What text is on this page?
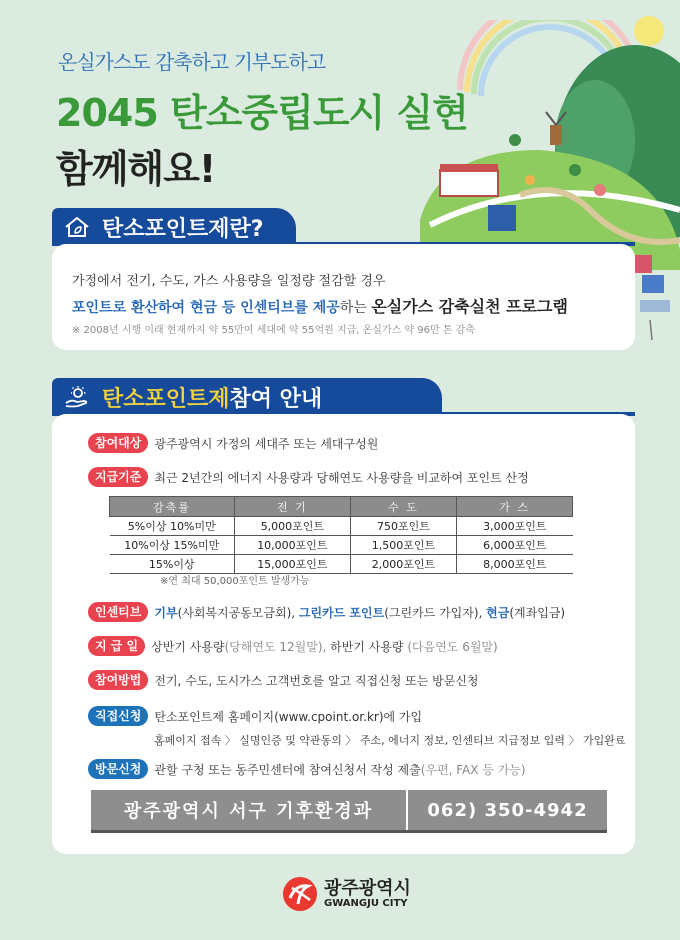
온실가스도 감축하고 기부도하고
2045 탄소중립도시 실현
함께해요!
탄소포인트제란?
가정에서 전기, 수도, 가스 사용량을 일정량 절감할 경우
포인트로 환산하여 현금 등 인센티브를 제공하는 온실가스 감축실천 프로그램
※ 2008년 시행 이래 현재까지 약 55만여 세대에 약 55억원 지급, 온실가스 약 96만 톤 감축
탄소포인트제 참여 안내
참여대상	광주광역시 가정의 세대주 또는 세대구성원
지급기준	최근 2년간의 에너지 사용량과 당해연도 사용량을 비교하여 포인트 산정
감축률	전 기	수 도	가 스
5%이상 10%미만	5,000포인트	750포인트	3,000포인트
10%이상 15%미만	10,000포인트	1,500포인트	6,000포인트
15%이상	15,000포인트	2,000포인트	8,000포인트
※연 최대 50,000포인트 발생가능
인센티브	기부(사회복지공동모금회), 그린카드 포인트(그린카드 가입자), 현금(계좌입금)
지 급 일	상반기 사용량(당해연도 12월말), 하반기 사용량 (다음연도 6월말)
참여방법	전기, 수도, 도시가스 고객번호를 알고 직접신청 또는 방문신청
직접신청	탄소포인트제 홈페이지(www.cpoint.or.kr)에 가입
홈페이지 접속 〉 실명인증 및 약관동의 〉 주소, 에너지 정보, 인센티브 지급정보 입력 〉 가입완료
방문신청	관할 구청 또는 동주민센터에 참여신청서 작성 제출(우편, FAX 등 가능)
광주광역시 서구 기후환경과	062) 350-4942
광주광역시
GWANGJU CITY
